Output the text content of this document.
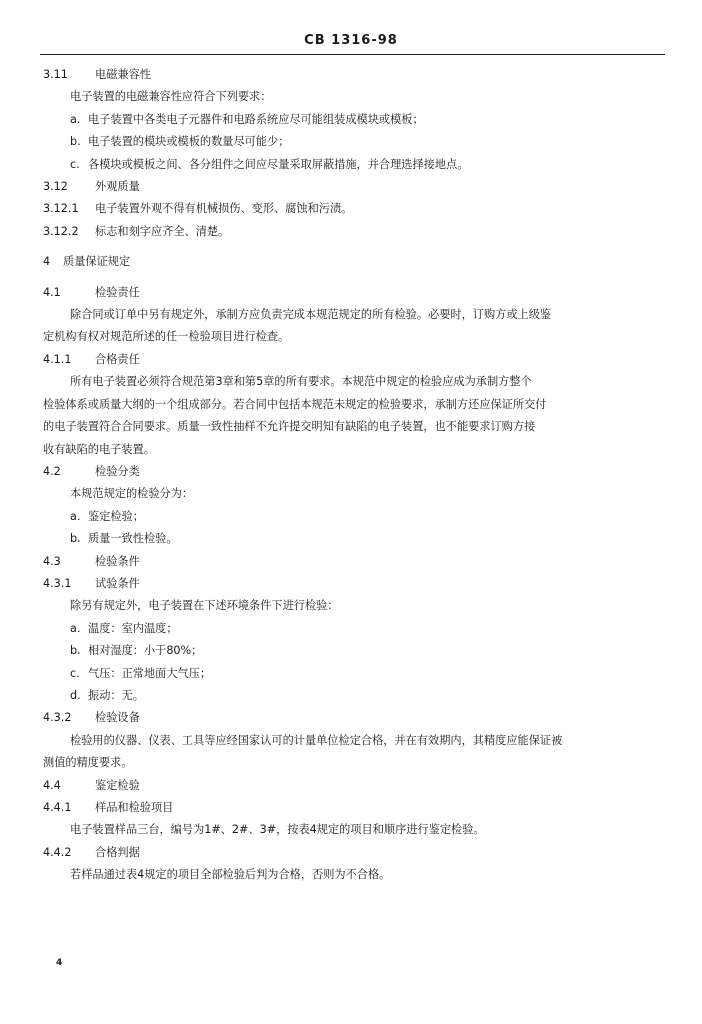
CB 1316-98
3.11 电磁兼容性
电子装置的电磁兼容性应符合下列要求：
a. 电子装置中各类电子元器件和电路系统应尽可能组装成模块或模板；
b. 电子装置的模块或模板的数量尽可能少；
c. 各模块或模板之间、各分组件之间应尽量采取屏蔽措施，并合理选择接地点。
3.12 外观质量
3.12.1 电子装置外观不得有机械损伤、变形、腐蚀和污渍。
3.12.2 标志和刻字应齐全、清楚。
4 质量保证规定
4.1	检验责任
除合同或订单中另有规定外，承制方应负责完成本规范规定的所有检验。必要时，订购方或上级鉴
定机构有权对规范所述的任一检验项目进行检查。
4.1.1 合格责任
所有电子装置必须符合规范第3章和第5章的所有要求。本规范中规定的检验应成为承制方整个
检验体系或质量大纲的一个组成部分。若合同中包括本规范未规定的检验要求，承制方还应保证所交付
的电子装置符合合同要求。质量一致性抽样不允许提交明知有缺陷的电子装置，也不能要求订购方接
收有缺陷的电子装置。
4.2	检验分类
本规范规定的检验分为：
a. 鉴定检验；
b. 质量一致性检验。
4.3	检验条件
4.3.1 试验条件
除另有规定外，电子装置在下述环境条件下进行检验：
a. 温度：室内温度；
b. 相对湿度：小于80%；
c. 气压：正常地面大气压；
d. 振动：无。
4.3.2 检验设备
检验用的仪器、仪表、工具等应经国家认可的计量单位检定合格，并在有效期内，其精度应能保证被
测值的精度要求。
4.4	鉴定检验
4.4.1 样品和检验项目
电子装置样品三台，编号为1#、2#、3#，按表4规定的项目和顺序进行鉴定检验。
4.4.2 合格判据
若样品通过表4规定的项目全部检验后判为合格，否则为不合格。
4
